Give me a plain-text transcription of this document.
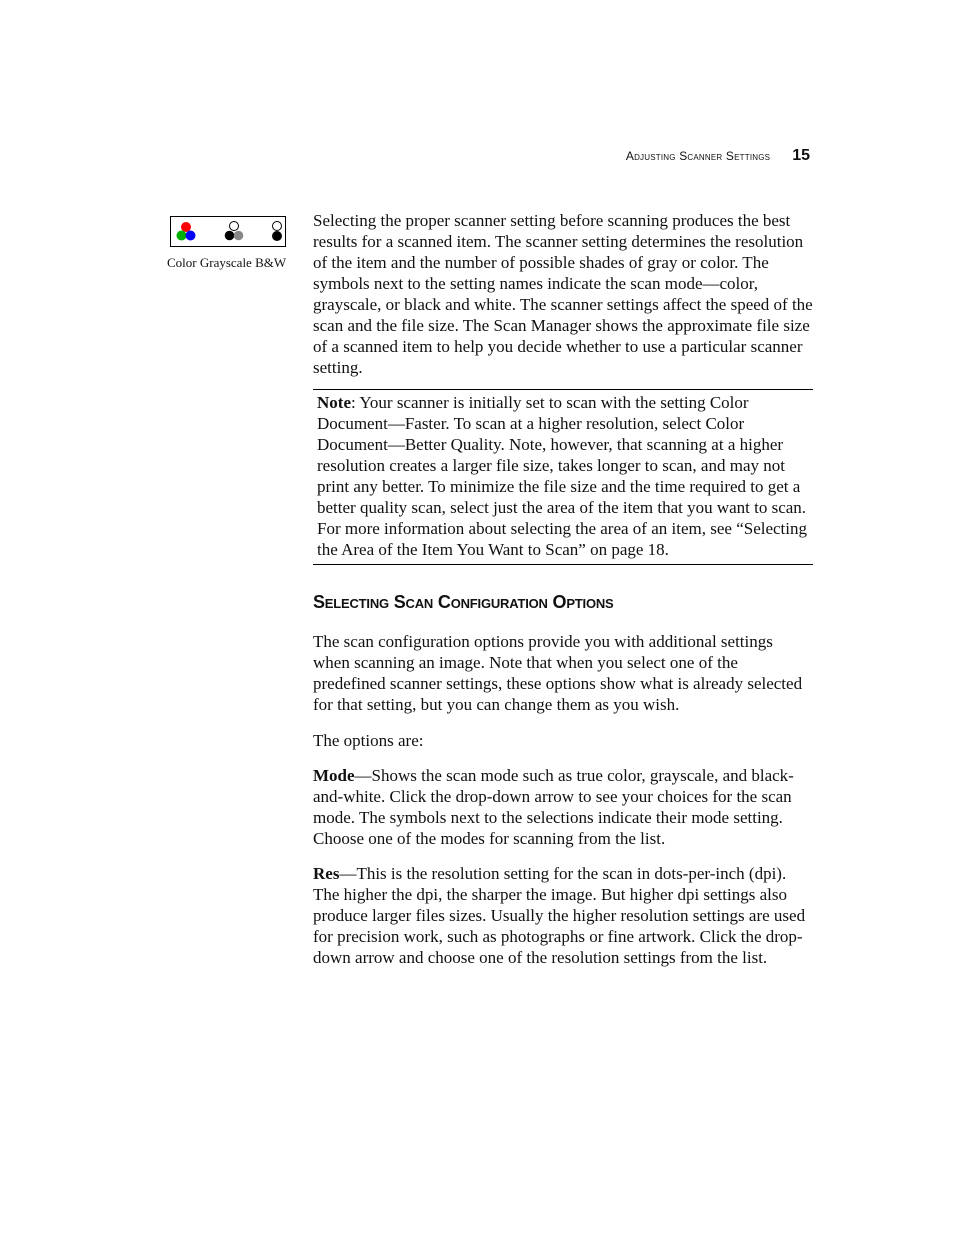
Adjusting Scanner Settings 15
Color Grayscale B&W

Selecting the proper scanner setting before scanning produces the best results for a scanned item. The scanner setting determines the resolution of the item and the number of possible shades of gray or color. The symbols next to the setting names indicate the scan mode—color, grayscale, or black and white. The scanner settings affect the speed of the scan and the file size. The Scan Manager shows the approximate file size of a scanned item to help you decide whether to use a particular scanner setting.

Note: Your scanner is initially set to scan with the setting Color Document—Faster. To scan at a higher resolution, select Color Document—Better Quality. Note, however, that scanning at a higher resolution creates a larger file size, takes longer to scan, and may not print any better. To minimize the file size and the time required to get a better quality scan, select just the area of the item that you want to scan. For more information about selecting the area of an item, see “Selecting the Area of the Item You Want to Scan” on page 18.
Selecting Scan Configuration Options

The scan configuration options provide you with additional settings when scanning an image. Note that when you select one of the predefined scanner settings, these options show what is already selected for that setting, but you can change them as you wish.

The options are:

Mode—Shows the scan mode such as true color, grayscale, and black-and-white. Click the drop-down arrow to see your choices for the scan mode. The symbols next to the selections indicate their mode setting. Choose one of the modes for scanning from the list.

Res—This is the resolution setting for the scan in dots-per-inch (dpi). The higher the dpi, the sharper the image. But higher dpi settings also produce larger files sizes. Usually the higher resolution settings are used for precision work, such as photographs or fine artwork. Click the drop-down arrow and choose one of the resolution settings from the list.
